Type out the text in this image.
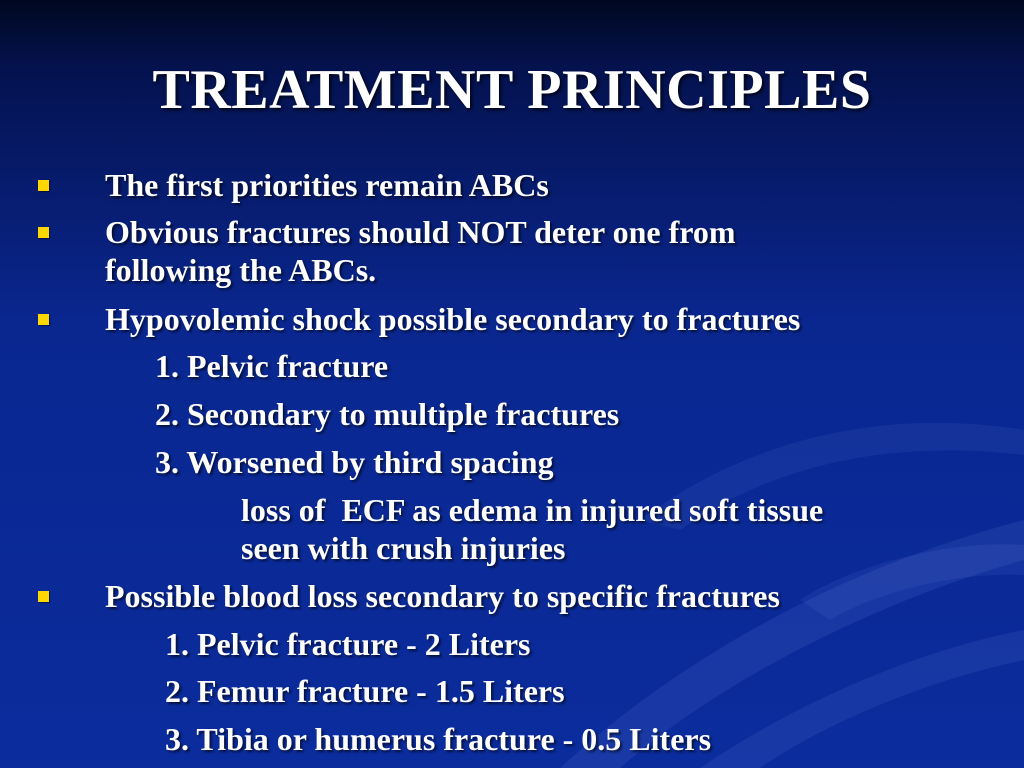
TREATMENT PRINCIPLES
The first priorities remain ABCs
Obvious fractures should NOT deter one from
following the ABCs.
Hypovolemic shock possible secondary to fractures
1. Pelvic fracture
2. Secondary to multiple fractures
3. Worsened by third spacing
loss of  ECF as edema in injured soft tissue
seen with crush injuries
Possible blood loss secondary to specific fractures
1. Pelvic fracture - 2 Liters
2. Femur fracture - 1.5 Liters
3. Tibia or humerus fracture - 0.5 Liters
